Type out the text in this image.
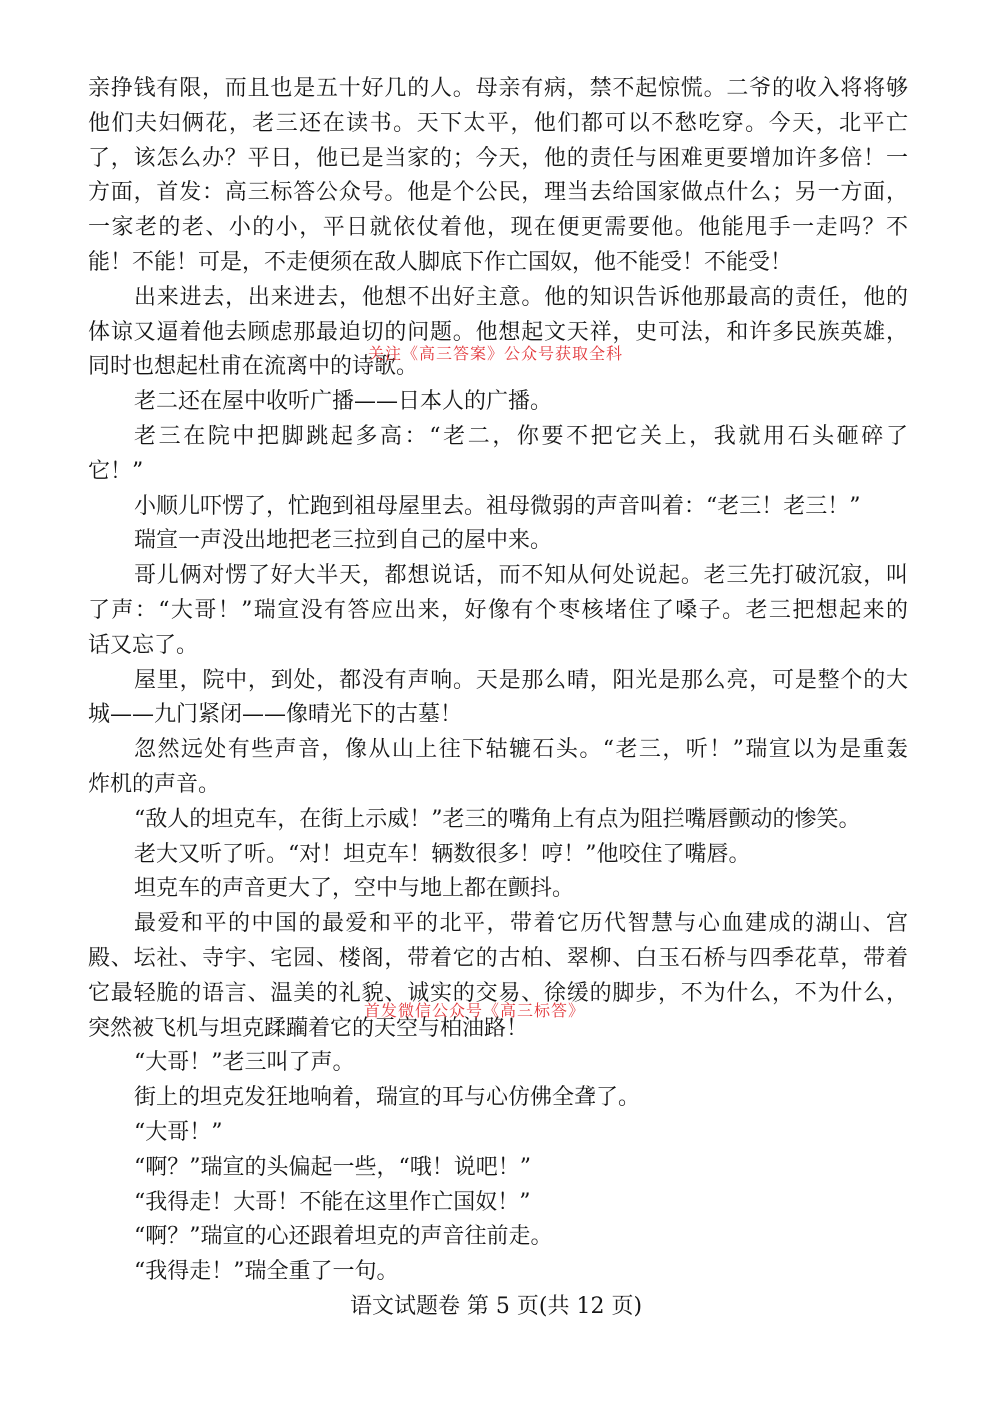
亲挣钱有限，而且也是五十好几的人。母亲有病，禁不起惊慌。二爷的收入将将够
他们夫妇俩花，老三还在读书。天下太平，他们都可以不愁吃穿。今天，北平亡
了，该怎么办？平日，他已是当家的；今天，他的责任与困难更要增加许多倍！一
方面，首发：高三标答公众号。他是个公民，理当去给国家做点什么；另一方面，
一家老的老、小的小，平日就依仗着他，现在便更需要他。他能甩手一走吗？不
能！不能！可是，不走便须在敌人脚底下作亡国奴，他不能受！不能受！
出来进去，出来进去，他想不出好主意。他的知识告诉他那最高的责任，他的
体谅又逼着他去顾虑那最迫切的问题。他想起文天祥，史可法，和许多民族英雄，
同时也想起杜甫在流离中的诗歌。
老二还在屋中收听广播——日本人的广播。
老三在院中把脚跳起多高：“老二，你要不把它关上，我就用石头砸碎了
它！”
小顺儿吓愣了，忙跑到祖母屋里去。祖母微弱的声音叫着：“老三！老三！”
瑞宣一声没出地把老三拉到自己的屋中来。
哥儿俩对愣了好大半天，都想说话，而不知从何处说起。老三先打破沉寂，叫
了声：“大哥！”瑞宣没有答应出来，好像有个枣核堵住了嗓子。老三把想起来的
话又忘了。
屋里，院中，到处，都没有声响。天是那么晴，阳光是那么亮，可是整个的大
城——九门紧闭——像晴光下的古墓！
忽然远处有些声音，像从山上往下轱辘石头。“老三，听！”瑞宣以为是重轰
炸机的声音。
“敌人的坦克车，在街上示威！”老三的嘴角上有点为阻拦嘴唇颤动的惨笑。
老大又听了听。“对！坦克车！辆数很多！哼！”他咬住了嘴唇。
坦克车的声音更大了，空中与地上都在颤抖。
最爱和平的中国的最爱和平的北平，带着它历代智慧与心血建成的湖山、宫
殿、坛社、寺宇、宅园、楼阁，带着它的古柏、翠柳、白玉石桥与四季花草，带着
它最轻脆的语言、温美的礼貌、诚实的交易、徐缓的脚步，不为什么，不为什么，
突然被飞机与坦克蹂躏着它的天空与柏油路！
“大哥！”老三叫了声。
街上的坦克发狂地响着，瑞宣的耳与心仿佛全聋了。
“大哥！”
“啊？”瑞宣的头偏起一些，“哦！说吧！”
“我得走！大哥！不能在这里作亡国奴！”
“啊？”瑞宣的心还跟着坦克的声音往前走。
“我得走！”瑞全重了一句。
关注《高三答案》公众号获取全科
首发微信公众号《高三标答》
语文试题卷 第 5 页(共 12 页)
